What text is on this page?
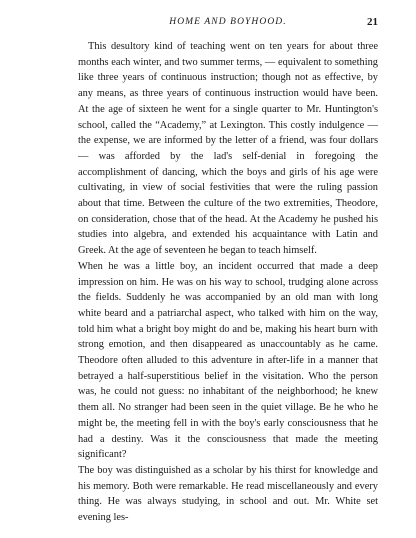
HOME AND BOYHOOD.	21

This desultory kind of teaching went on ten years for about three months each winter, and two summer terms, — equivalent to something like three years of continuous instruction; though not as effective, by any means, as three years of continuous instruction would have been. At the age of sixteen he went for a single quarter to Mr. Huntington's school, called the “Academy,” at Lexington. This costly indulgence — the expense, we are informed by the letter of a friend, was four dollars — was afforded by the lad's self-denial in foregoing the accomplishment of dancing, which the boys and girls of his age were cultivating, in view of social festivities that were the ruling passion about that time. Between the culture of the two extremities, Theodore, on consideration, chose that of the head. At the Academy he pushed his studies into algebra, and extended his acquaintance with Latin and Greek. At the age of seventeen he began to teach himself.

When he was a little boy, an incident occurred that made a deep impression on him. He was on his way to school, trudging alone across the fields. Suddenly he was accompanied by an old man with long white beard and a patriarchal aspect, who talked with him on the way, told him what a bright boy might do and be, making his heart burn with strong emotion, and then disappeared as unaccountably as he came. Theodore often alluded to this adventure in after-life in a manner that betrayed a half-superstitious belief in the visitation. Who the person was, he could not guess: no inhabitant of the neighborhood; he knew them all. No stranger had been seen in the quiet village. Be he who he might be, the meeting fell in with the boy's early consciousness that he had a destiny. Was it the consciousness that made the meeting significant?

The boy was distinguished as a scholar by his thirst for knowledge and his memory. Both were remarkable. He read miscellaneously and every thing. He was always studying, in school and out. Mr. White set evening les-
